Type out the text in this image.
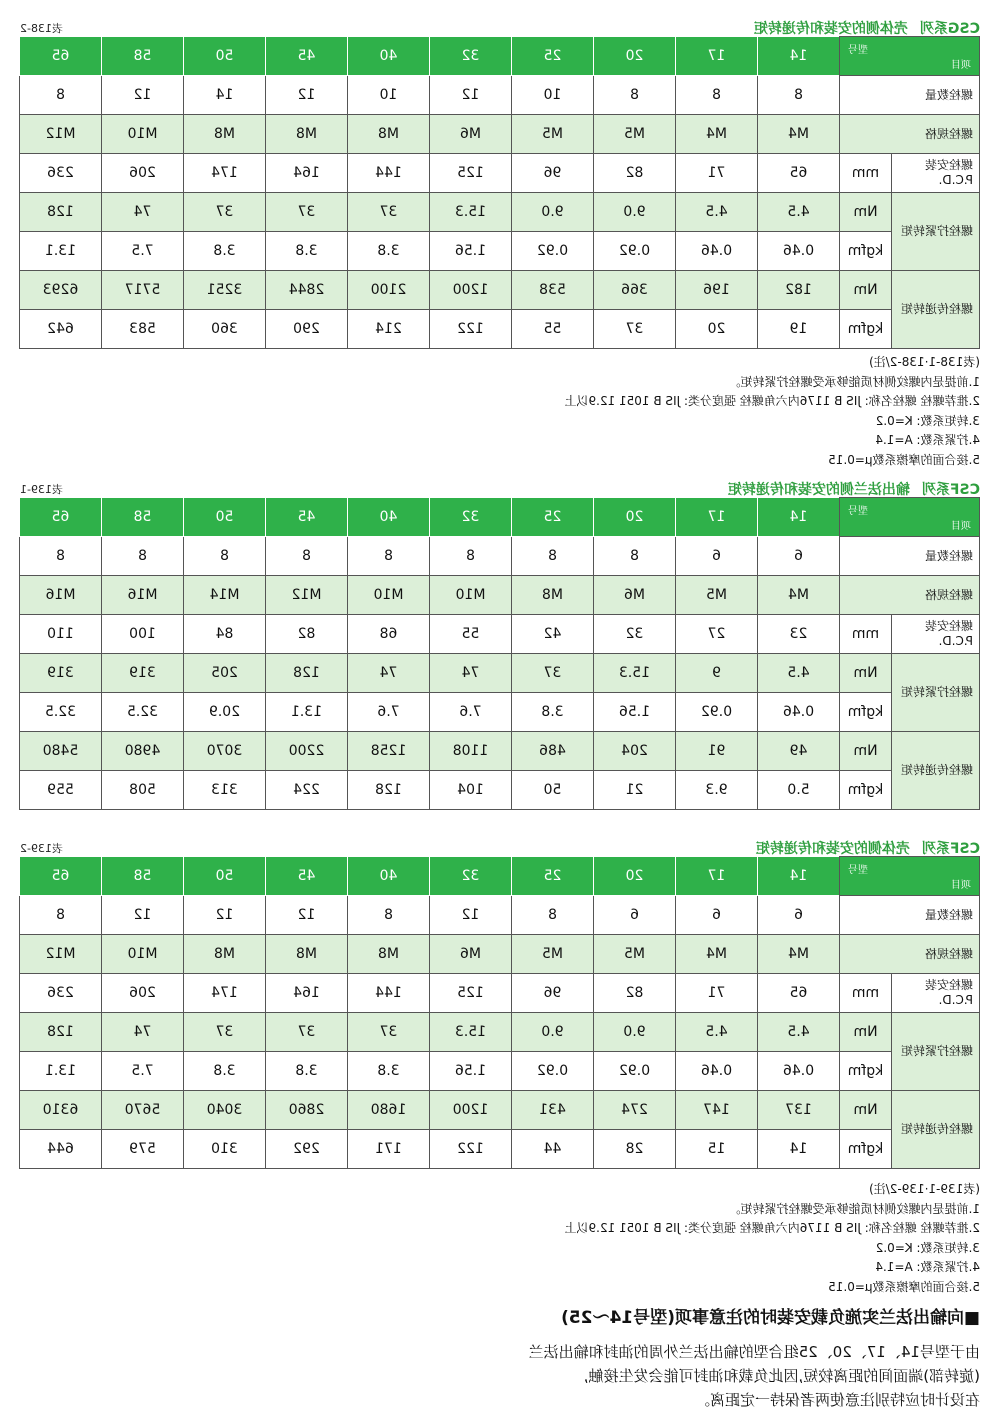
CSG系列壳体侧的安装和传递转矩
表138-2
型号
项目		14	17	20	25	32	40	45	50	58	65
螺栓数量		8	8	8	10	12	10	12	14	12	8
螺栓规格		M4	M4	M5	M5	M6	M8	M8	M8	M10	M12
螺栓安装P.C.D.	mm	65	71	82	96	125	144	164	174	206	236
螺栓拧紧转矩	Nm	4.5	4.5	9.0	9.0	15.3	37	37	37	74	128
	kgfm	0.46	0.46	0.92	0.92	1.56	3.8	3.8	3.8	7.5	13.1
螺栓传递转矩	Nm	182	196	366	538	1200	2100	2844	3251	5717	6293
	kgfm	19	20	37	55	122	214	290	360	583	642
(表138-1·138-2/注)
1.前提是内螺纹侧材质能够承受螺栓拧紧转矩。
2.推荐螺栓 螺栓名称: JIS B 1176内六角螺栓 强度分类: JIS B 1051 12.9以上
3.转矩系数: K=0.2
4.拧紧系数: A=1.4
5.接合面的摩擦系数μ=0.15
CSF系列输出法兰侧的安装和传递转矩
表139-1
型号
项目		14	17	20	25	32	40	45	50	58	65
螺栓数量		6	6	8	8	8	8	8	8	8	8
螺栓规格		M4	M5	M6	M8	M10	M10	M12	M14	M16	M16
螺栓安装P.C.D.	mm	23	27	32	42	55	68	82	84	100	110
螺栓拧紧转矩	Nm	4.5	9	15.3	37	74	74	128	205	319	319
	kgfm	0.46	0.92	1.56	3.8	7.6	7.6	13.1	20.9	32.5	32.5
螺栓传递转矩	Nm	49	91	204	486	1108	1258	2200	3070	4980	5480
	kgfm	5.0	9.3	21	50	104	128	224	313	508	559
CSF系列壳体侧的安装和传递转矩
表139-2
型号
项目		14	17	20	25	32	40	45	50	58	65
螺栓数量		6	6	6	8	12	8	12	12	12	8
螺栓规格		M4	M4	M5	M5	M6	M8	M8	M8	M10	M12
螺栓安装P.C.D.	mm	65	71	82	96	125	144	164	174	206	236
螺栓拧紧转矩	Nm	4.5	4.5	9.0	9.0	15.3	37	37	37	74	128
	kgfm	0.46	0.46	0.92	0.92	1.56	3.8	3.8	3.8	7.5	13.1
螺栓传递转矩	Nm	137	147	274	431	1200	1680	2860	3040	5670	6310
	kgfm	14	15	28	44	122	171	292	310	579	644
(表139-1·139-2/注)
1.前提是内螺纹侧材质能够承受螺栓拧紧转矩。
2.推荐螺栓 螺栓名称: JIS B 1176内六角螺栓 强度分类: JIS B 1051 12.9以上
3.转矩系数: K=0.2
4.拧紧系数: A=1.4
5.接合面的摩擦系数μ=0.15
■向输出法兰实施负载安装时的注意事项(型号14～25)
由于型号14、17、20、25组合型的输出法兰外周的油封和输出法兰
(旋转部)端面间的距离较短,因此负载和油封可能会发生接触,
在设计时应特别注意使两者保持一定距离。
